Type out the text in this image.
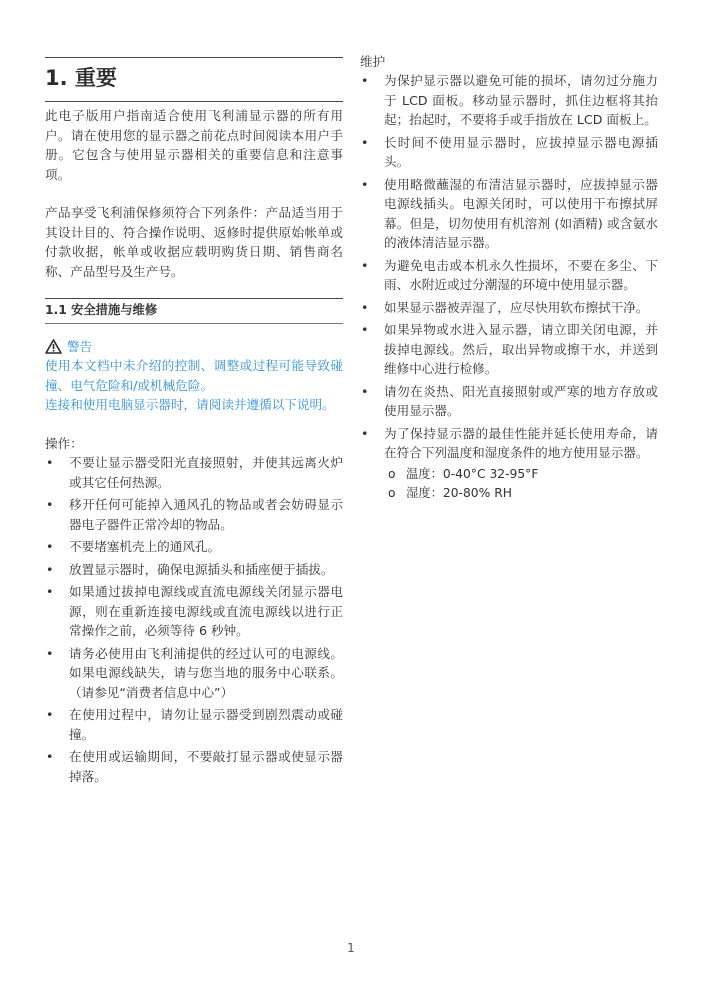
1. 重要

此电子版用户指南适合使用飞利浦显示器的所有用户。请在使用您的显示器之前花点时间阅读本用户手册。它包含与使用显示器相关的重要信息和注意事项。

产品享受飞利浦保修须符合下列条件：产品适当用于其设计目的、符合操作说明、返修时提供原始帐单或付款收据，帐单或收据应载明购货日期、销售商名称、产品型号及生产号。

1.1 安全措施与维修
警告

使用本文档中未介绍的控制、调整或过程可能导致碰撞、电气危险和/或机械危险。

连接和使用电脑显示器时，请阅读并遵循以下说明。

操作：

• 不要让显示器受阳光直接照射，并使其远离火炉或其它任何热源。
• 移开任何可能掉入通风孔的物品或者会妨碍显示器电子器件正常冷却的物品。
• 不要堵塞机壳上的通风孔。
• 放置显示器时，确保电源插头和插座便于插拔。
• 如果通过拔掉电源线或直流电源线关闭显示器电源，则在重新连接电源线或直流电源线以进行正常操作之前，必须等待 6 秒钟。
• 请务必使用由飞利浦提供的经过认可的电源线。如果电源线缺失，请与您当地的服务中心联系。（请参见“消费者信息中心”）
• 在使用过程中，请勿让显示器受到剧烈震动或碰撞。
• 在使用或运输期间，不要敲打显示器或使显示器掉落。
维护
• 为保护显示器以避免可能的损坏，请勿过分施力于 LCD 面板。移动显示器时，抓住边框将其抬起；抬起时，不要将手或手指放在 LCD 面板上。
• 长时间不使用显示器时，应拔掉显示器电源插头。
• 使用略微蘸湿的布清洁显示器时，应拔掉显示器电源线插头。电源关闭时，可以使用干布擦拭屏幕。但是，切勿使用有机溶剂 (如酒精) 或含氨水的液体清洁显示器。
• 为避免电击或本机永久性损坏，不要在多尘、下雨、水附近或过分潮湿的环境中使用显示器。
• 如果显示器被弄湿了，应尽快用软布擦拭干净。
• 如果异物或水进入显示器，请立即关闭电源，并拔掉电源线。然后，取出异物或擦干水，并送到维修中心进行检修。
• 请勿在炎热、阳光直接照射或严寒的地方存放或使用显示器。
• 为了保持显示器的最佳性能并延长使用寿命，请在符合下列温度和湿度条件的地方使用显示器。
o 温度：0-40°C 32-95°F
o 湿度：20-80% RH
1
